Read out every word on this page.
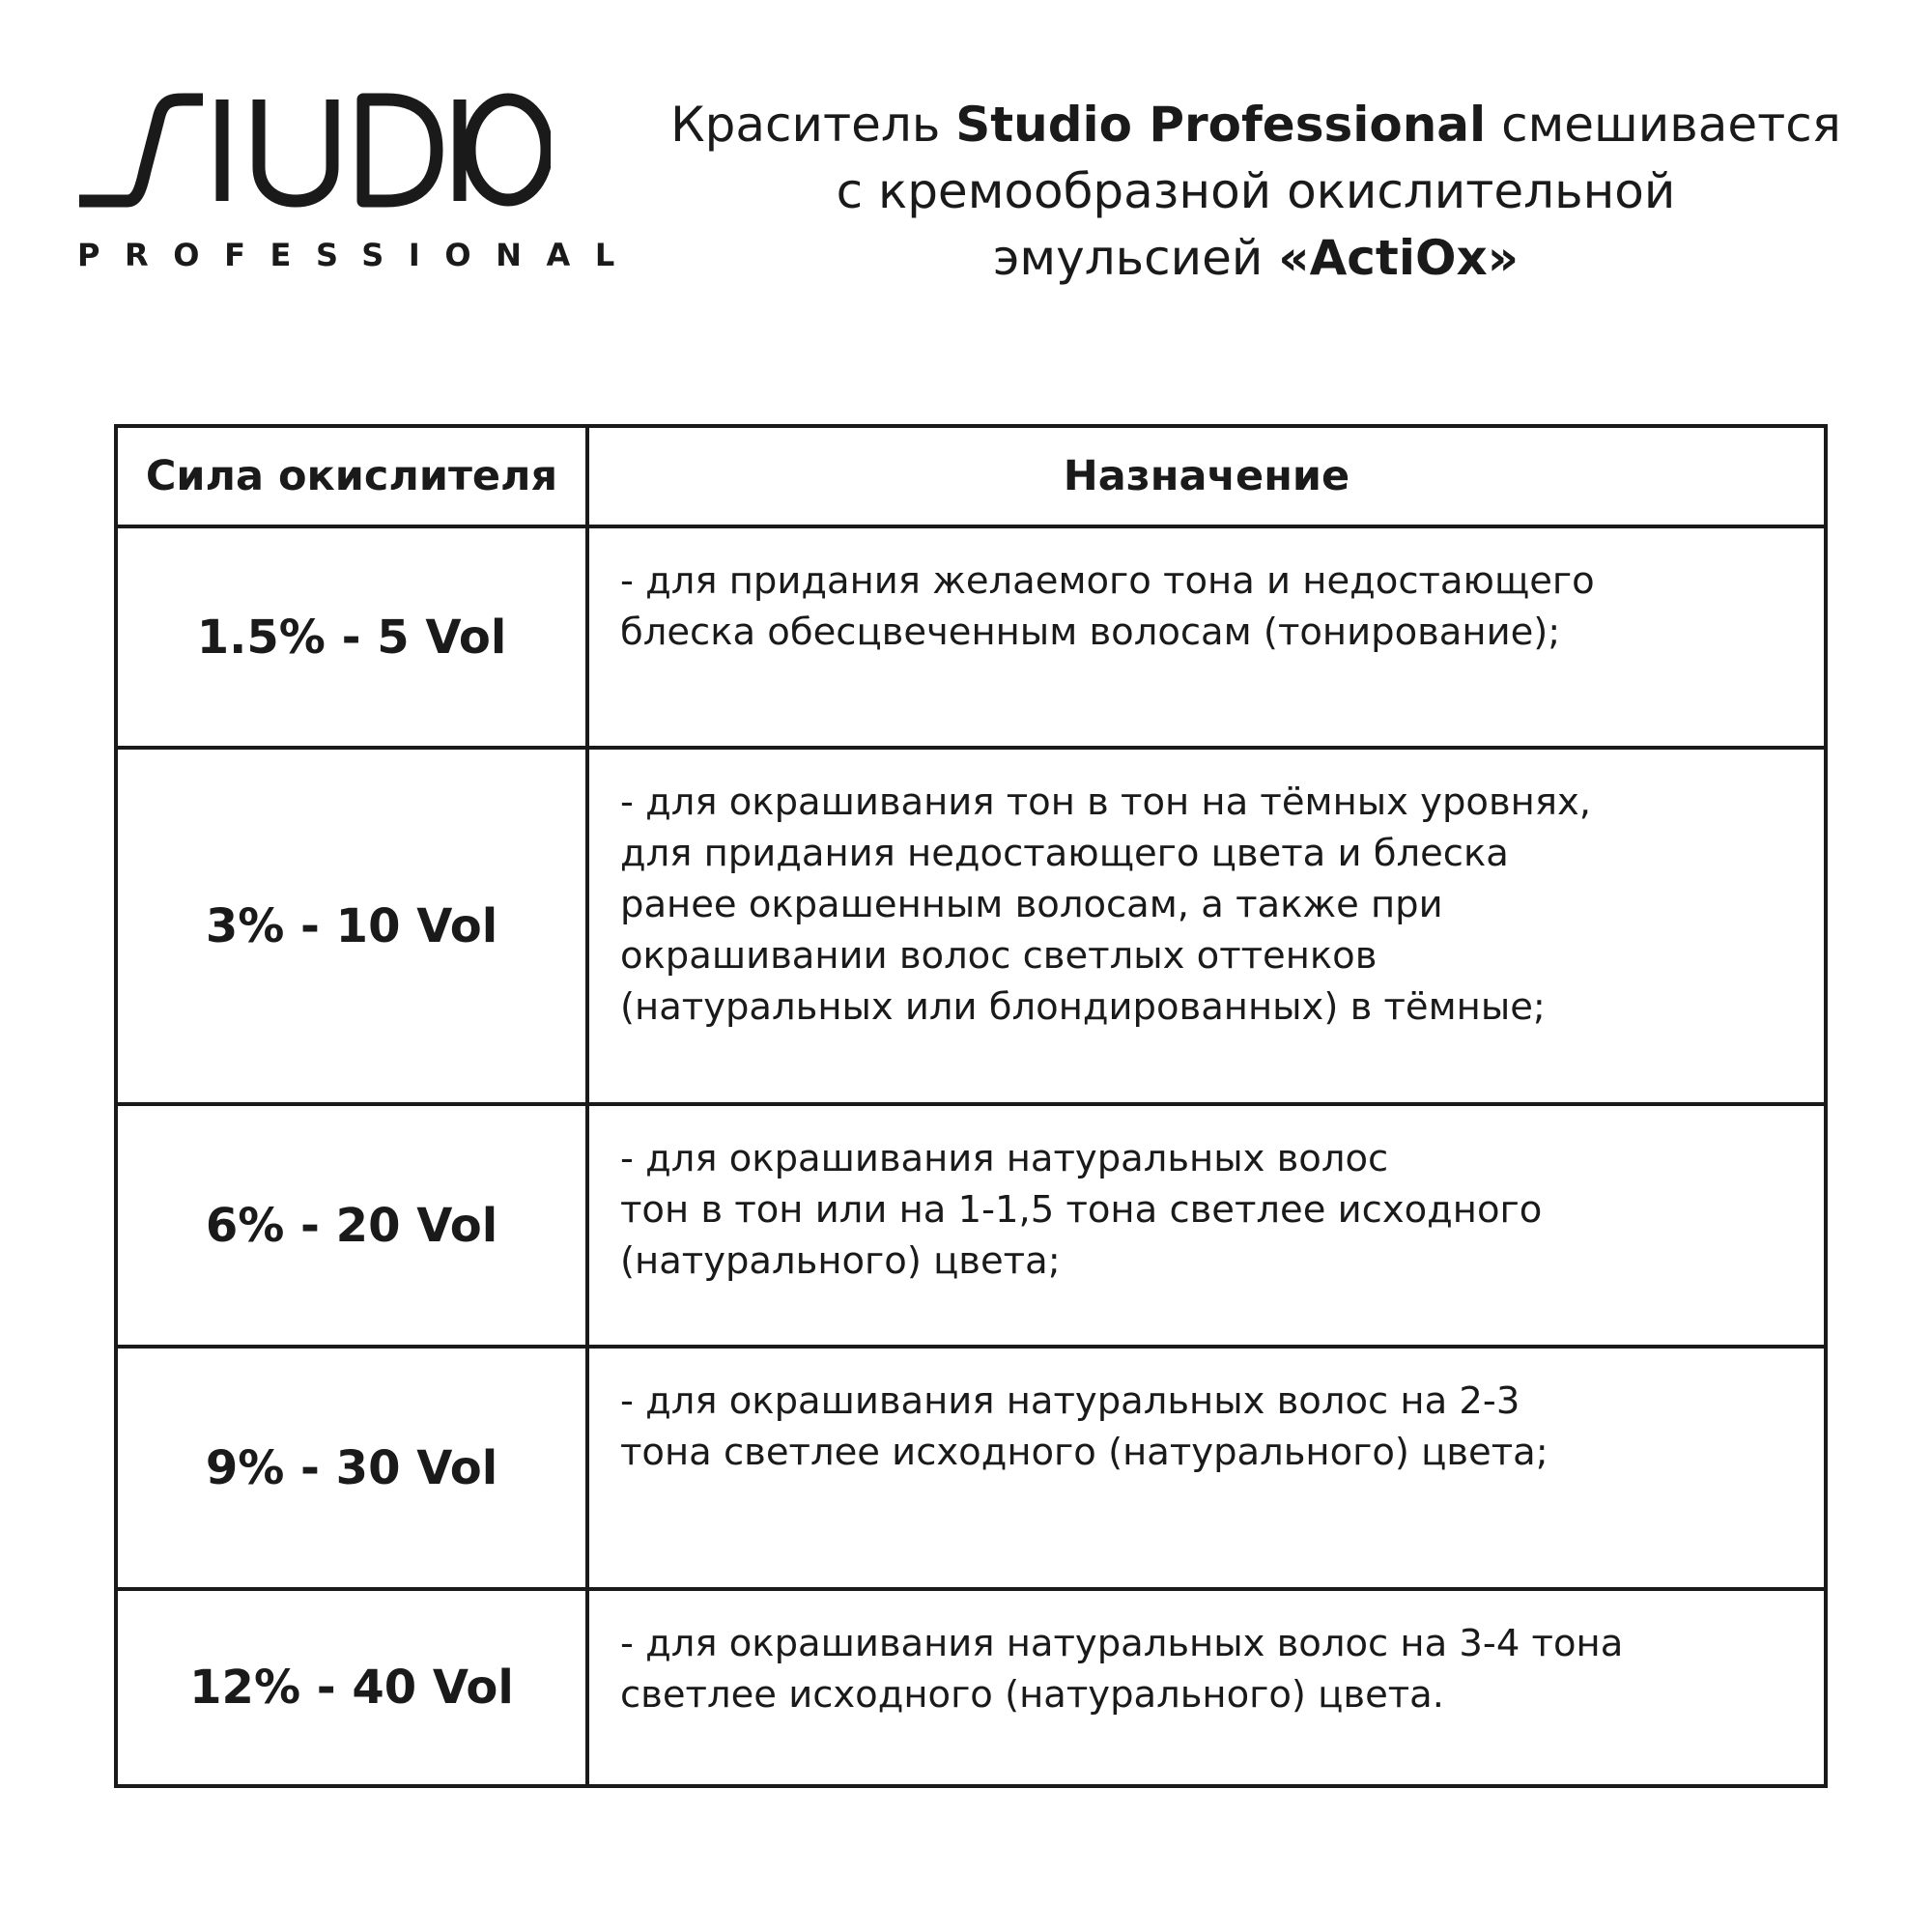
PROFESSIONAL
Краситель Studio Professional смешивается
с кремообразной окислительной
эмульсией «ActiOx»
Сила окислителя	Назначение
1.5% - 5 Vol	- для придания желаемого тона и недостающего
блеска обесцвеченным волосам (тонирование);

3% - 10 Vol	- для окрашивания тон в тон на тёмных уровнях,
для придания недостающего цвета и блеска
ранее окрашенным волосам, а также при
окрашивании волос светлых оттенков
(натуральных или блондированных) в тёмные;

6% - 20 Vol	- для окрашивания натуральных волос
тон в тон или на 1-1,5 тона светлее исходного
(натурального) цвета;

9% - 30 Vol	- для окрашивания натуральных волос на 2-3
тона светлее исходного (натурального) цвета;

12% - 40 Vol	- для окрашивания натуральных волос на 3-4 тона
светлее исходного (натурального) цвета.
